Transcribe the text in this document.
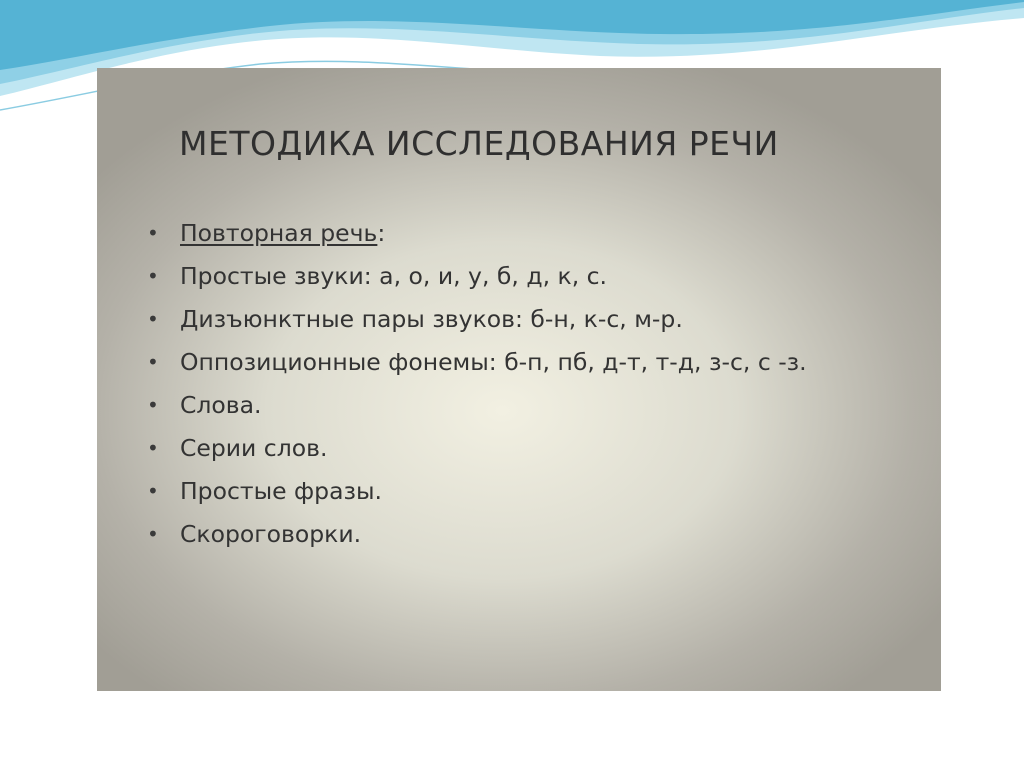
МЕТОДИКА ИССЛЕДОВАНИЯ РЕЧИ
• Повторная речь:
• Простые звуки: а, о, и, у, б, д, к, с.
• Дизъюнктные пары звуков: б-н, к-с, м-р.
• Оппозиционные фонемы: б-п, пб, д-т, т-д, з-с, с -з.
• Слова.
• Серии слов.
• Простые фразы.
• Скороговорки.
